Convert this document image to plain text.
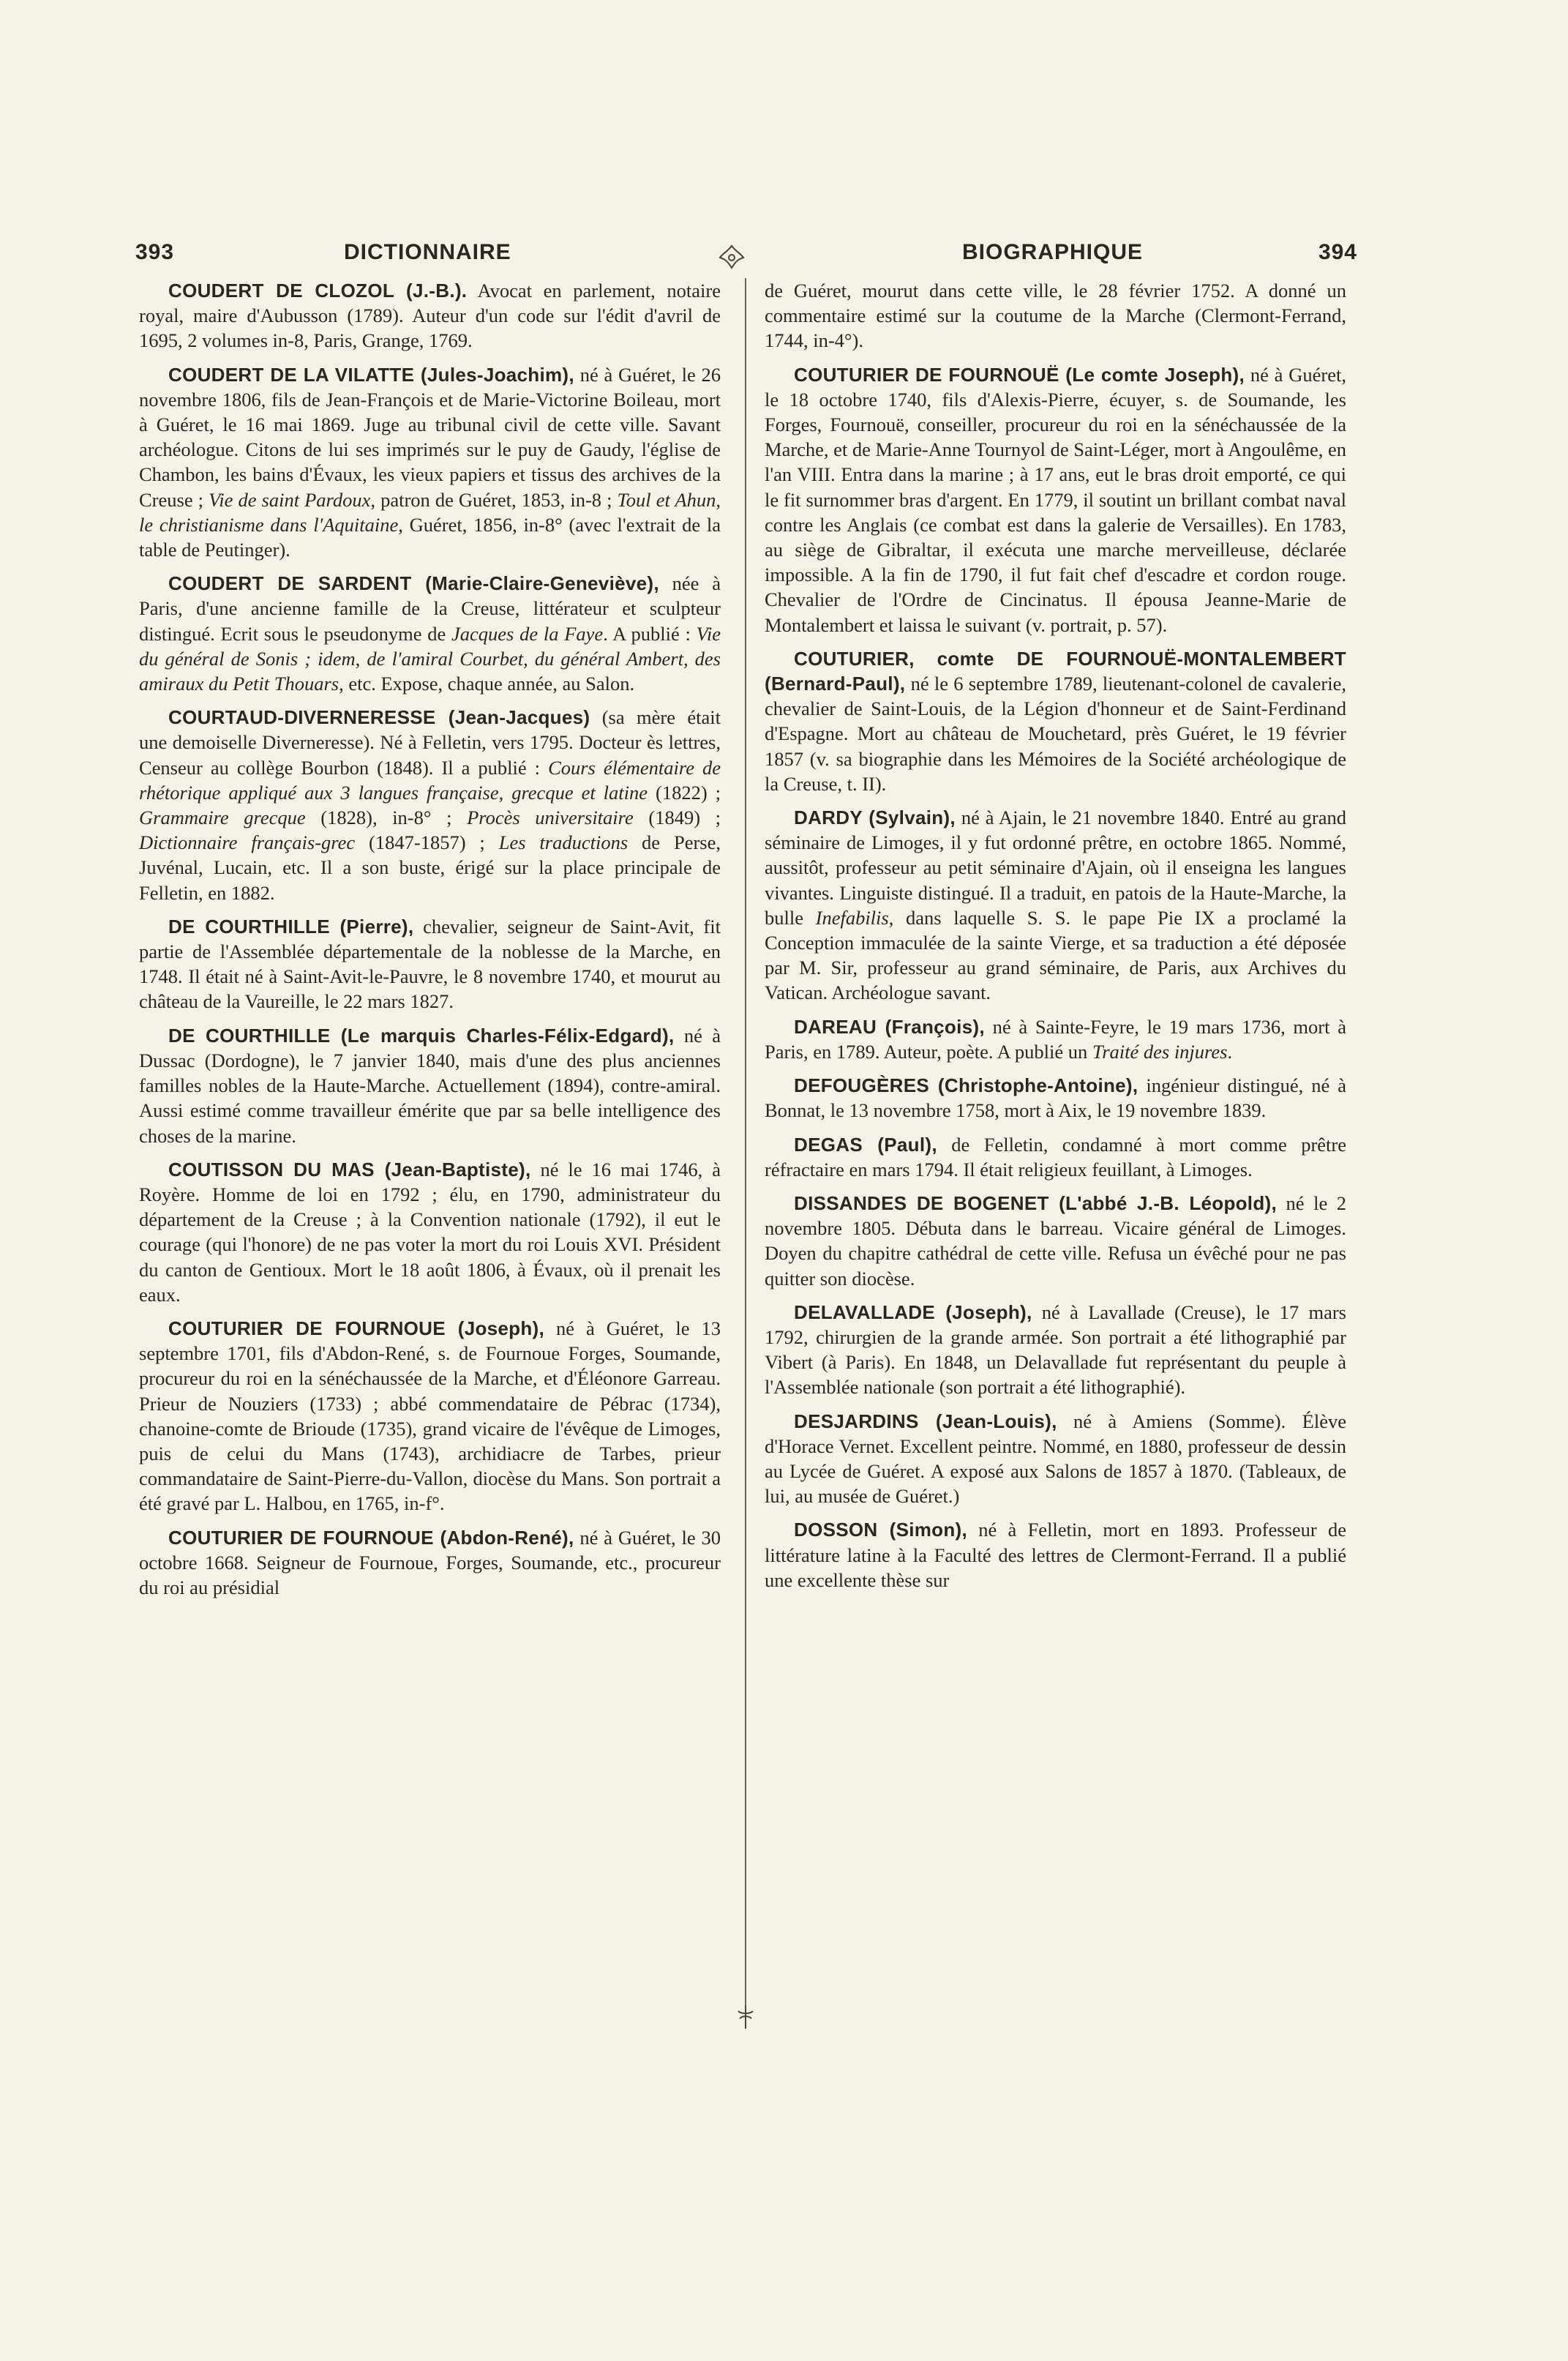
393	DICTIONNAIRE	BIOGRAPHIQUE	394

COUDERT DE CLOZOL (J.-B.). Avocat en parlement, notaire royal, maire d'Aubusson (1789). Auteur d'un code sur l'édit d'avril de 1695, 2 volumes in-8, Paris, Grange, 1769.

COUDERT DE LA VILATTE (Jules-Joachim), né à Guéret, le 26 novembre 1806, fils de Jean-François et de Marie-Victorine Boileau, mort à Guéret, le 16 mai 1869. Juge au tribunal civil de cette ville. Savant archéologue. Citons de lui ses imprimés sur le puy de Gaudy, l'église de Chambon, les bains d'Évaux, les vieux papiers et tissus des archives de la Creuse ; Vie de saint Pardoux, patron de Guéret, 1853, in-8 ; Toul et Ahun, le christianisme dans l'Aquitaine, Guéret, 1856, in-8° (avec l'extrait de la table de Peutinger).

COUDERT DE SARDENT (Marie-Claire-Geneviève), née à Paris, d'une ancienne famille de la Creuse, littérateur et sculpteur distingué. Ecrit sous le pseudonyme de Jacques de la Faye. A publié : Vie du général de Sonis ; idem, de l'amiral Courbet, du général Ambert, des amiraux du Petit Thouars, etc. Expose, chaque année, au Salon.

COURTAUD-DIVERNERESSE (Jean-Jacques) (sa mère était une demoiselle Diverneresse). Né à Felletin, vers 1795. Docteur ès lettres, Censeur au collège Bourbon (1848). Il a publié : Cours élémentaire de rhétorique appliqué aux 3 langues française, grecque et latine (1822) ; Grammaire grecque (1828), in-8° ; Procès universitaire (1849) ; Dictionnaire français-grec (1847-1857) ; Les traductions de Perse, Juvénal, Lucain, etc. Il a son buste, érigé sur la place principale de Felletin, en 1882.

DE COURTHILLE (Pierre), chevalier, seigneur de Saint-Avit, fit partie de l'Assemblée départementale de la noblesse de la Marche, en 1748. Il était né à Saint-Avit-le-Pauvre, le 8 novembre 1740, et mourut au château de la Vaureille, le 22 mars 1827.

DE COURTHILLE (Le marquis Charles-Félix-Edgard), né à Dussac (Dordogne), le 7 janvier 1840, mais d'une des plus anciennes familles nobles de la Haute-Marche. Actuellement (1894), contre-amiral. Aussi estimé comme travailleur émérite que par sa belle intelligence des choses de la marine.

COUTISSON DU MAS (Jean-Baptiste), né le 16 mai 1746, à Royère. Homme de loi en 1792 ; élu, en 1790, administrateur du département de la Creuse ; à la Convention nationale (1792), il eut le courage (qui l'honore) de ne pas voter la mort du roi Louis XVI. Président du canton de Gentioux. Mort le 18 août 1806, à Évaux, où il prenait les eaux.

COUTURIER DE FOURNOUE (Joseph), né à Guéret, le 13 septembre 1701, fils d'Abdon-René, s. de Fournoue Forges, Soumande, procureur du roi en la sénéchaussée de la Marche, et d'Éléonore Garreau. Prieur de Nouziers (1733) ; abbé commendataire de Pébrac (1734), chanoine-comte de Brioude (1735), grand vicaire de l'évêque de Limoges, puis de celui du Mans (1743), archidiacre de Tarbes, prieur commandataire de Saint-Pierre-du-Vallon, diocèse du Mans. Son portrait a été gravé par L. Halbou, en 1765, in-f°.

COUTURIER DE FOURNOUE (Abdon-René), né à Guéret, le 30 octobre 1668. Seigneur de Fournoue, Forges, Soumande, etc., procureur du roi au présidial

de Guéret, mourut dans cette ville, le 28 février 1752. A donné un commentaire estimé sur la coutume de la Marche (Clermont-Ferrand, 1744, in-4°).

COUTURIER DE FOURNOUË (Le comte Joseph), né à Guéret, le 18 octobre 1740, fils d'Alexis-Pierre, écuyer, s. de Soumande, les Forges, Fournouë, conseiller, procureur du roi en la sénéchaussée de la Marche, et de Marie-Anne Tournyol de Saint-Léger, mort à Angoulême, en l'an VIII. Entra dans la marine ; à 17 ans, eut le bras droit emporté, ce qui le fit surnommer bras d'argent. En 1779, il soutint un brillant combat naval contre les Anglais (ce combat est dans la galerie de Versailles). En 1783, au siège de Gibraltar, il exécuta une marche merveilleuse, déclarée impossible. A la fin de 1790, il fut fait chef d'escadre et cordon rouge. Chevalier de l'Ordre de Cincinatus. Il épousa Jeanne-Marie de Montalembert et laissa le suivant (v. portrait, p. 57).

COUTURIER, comte DE FOURNOUË-MONTALEMBERT (Bernard-Paul), né le 6 septembre 1789, lieutenant-colonel de cavalerie, chevalier de Saint-Louis, de la Légion d'honneur et de Saint-Ferdinand d'Espagne. Mort au château de Mouchetard, près Guéret, le 19 février 1857 (v. sa biographie dans les Mémoires de la Société archéologique de la Creuse, t. II).

DARDY (Sylvain), né à Ajain, le 21 novembre 1840. Entré au grand séminaire de Limoges, il y fut ordonné prêtre, en octobre 1865. Nommé, aussitôt, professeur au petit séminaire d'Ajain, où il enseigna les langues vivantes. Linguiste distingué. Il a traduit, en patois de la Haute-Marche, la bulle Inefabilis, dans laquelle S. S. le pape Pie IX a proclamé la Conception immaculée de la sainte Vierge, et sa traduction a été déposée par M. Sir, professeur au grand séminaire, de Paris, aux Archives du Vatican. Archéologue savant.

DAREAU (François), né à Sainte-Feyre, le 19 mars 1736, mort à Paris, en 1789. Auteur, poète. A publié un Traité des injures.

DEFOUGÈRES (Christophe-Antoine), ingénieur distingué, né à Bonnat, le 13 novembre 1758, mort à Aix, le 19 novembre 1839.

DEGAS (Paul), de Felletin, condamné à mort comme prêtre réfractaire en mars 1794. Il était religieux feuillant, à Limoges.

DISSANDES DE BOGENET (L'abbé J.-B. Léopold), né le 2 novembre 1805. Débuta dans le barreau. Vicaire général de Limoges. Doyen du chapitre cathédral de cette ville. Refusa un évêché pour ne pas quitter son diocèse.

DELAVALLADE (Joseph), né à Lavallade (Creuse), le 17 mars 1792, chirurgien de la grande armée. Son portrait a été lithographié par Vibert (à Paris). En 1848, un Delavallade fut représentant du peuple à l'Assemblée nationale (son portrait a été lithographié).

DESJARDINS (Jean-Louis), né à Amiens (Somme). Élève d'Horace Vernet. Excellent peintre. Nommé, en 1880, professeur de dessin au Lycée de Guéret. A exposé aux Salons de 1857 à 1870. (Tableaux, de lui, au musée de Guéret.)

DOSSON (Simon), né à Felletin, mort en 1893. Professeur de littérature latine à la Faculté des lettres de Clermont-Ferrand. Il a publié une excellente thèse sur
